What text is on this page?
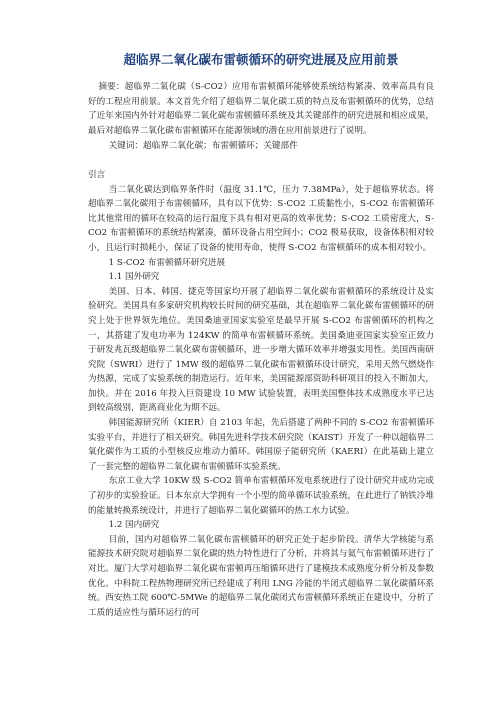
超临界二氧化碳布雷顿循环的研究进展及应用前景

摘要：超临界二氧化碳（S-CO2）应用布雷顿循环能够使系统结构紧凑、效率高具有良好的工程应用前景。本文首先介绍了超临界二氧化碳工质的特点及布雷顿循环的优势，总结了近年来国内外针对超临界二氧化碳布雷顿循环系统及其关键部件的研究进展和相应成果，最后对超临界二氧化碳布雷顿循环在能源领域的潜在应用前景进行了说明。

关键词：超临界二氧化碳；布雷顿循环；关键部件

引言

当二氧化碳达到临界条件时（温度 31.1℃，压力 7.38MPa），处于超临界状态。将超临界二氧化碳用于布雷顿循环，具有以下优势：S-CO2 工质黏性小，S-CO2 布雷顿循环比其他常用的循环在较高的运行温度下具有相对更高的效率优势；S-CO2 工质密度大，S-CO2 布雷顿循环的系统结构紧凑，循环设备占用空间小；CO2 极易获取，设备体积相对较小，且运行时损耗小，保证了设备的使用寿命，使得 S-CO2 布雷顿循环的成本相对较小。

1 S-CO2 布雷顿循环研究进展

1.1 国外研究

美国、日本、韩国、捷克等国家均开展了超临界二氧化碳布雷顿循环的系统设计及实验研究。美国具有多家研究机构较长时间的研究基础，其在超临界二氧化碳布雷顿循环的研究上处于世界领先地位。美国桑迪亚国家实验室是最早开展 S-CO2 布雷顿循环的机构之一，其搭建了发电功率为 124KW 的简单布雷顿循环系统。美国桑迪亚国家实验室正致力于研发兆瓦级超临界二氧化碳布雷顿循环，进一步增大循环效率并增强实用性。美国西南研究院（SWRI）进行了 1MW 级的超临界二氧化碳布雷顿循环设计研究，采用天然气燃烧作为热源，完成了实验系统的制造运行。近年来，美国能源部资助科研项目的投入不断加大，加快。并在 2016 年投入巨资建设 10 MW 试验装置，表明美国整体技术成熟度水平已达到较高级别，距离商业化为期不远。

韩国能源研究所（KIER）自 2103 年起，先后搭建了两种不同的 S-CO2 布雷顿循环实验平台，并进行了相关研究。韩国先进科学技术研究院（KAIST）开发了一种以超临界二氧化碳作为工质的小型核反应堆动力循环。韩国原子能研究所（KAERI）在此基础上建立了一套完整的超临界二氧化碳布雷顿循环实验系统。

东京工业大学 10KW 级 S-CO2 简单布雷顿循环发电系统进行了设计研究并成功完成了初步的实验验证。日本东京大学拥有一个小型的简单循环试验系统，在此进行了钠铁冷堆的能量转换系统设计，并进行了超临界二氧化碳循环的热工水力试验。

1.2 国内研究

目前，国内对超临界二氧化碳布雷顿循环的研究正处于起步阶段。清华大学核能与系能源技术研究院对超临界二氧化碳的热力特性进行了分析，并将其与氦气布雷顿循环进行了对比。厦门大学对超临界二氧化碳布雷顿再压缩循环进行了建模技术成熟度分析分析及参数优化。中科院工程热物理研究所已经建成了利用 LNG 冷能的半闭式超临界二氧化碳循环系统。西安热工院 600℃-5MWe 的超临界二氧化碳闭式布雷顿循环系统正在建设中，分析了工质的适应性与循环运行的可
